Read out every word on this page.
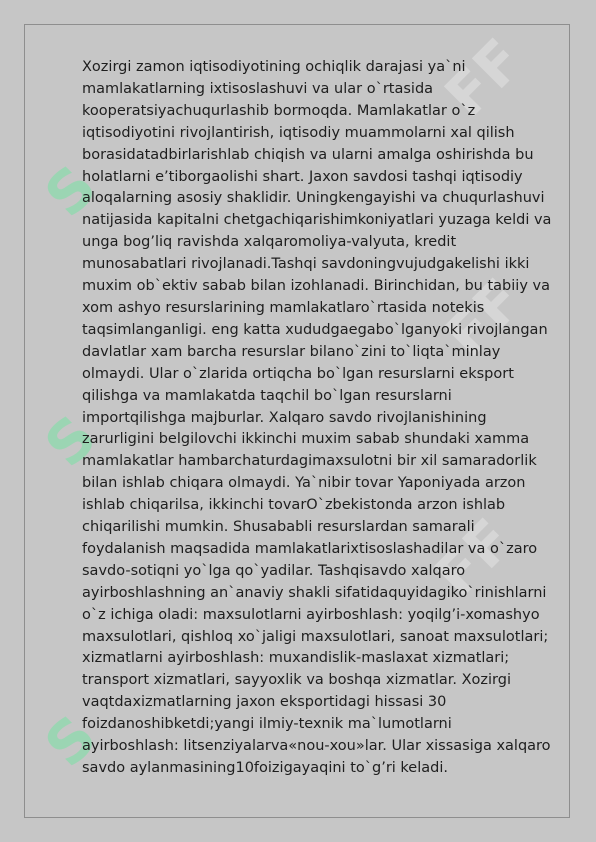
FF
FF
FF
S
S
S

Xozirgi zamon iqtisodiyotining ochiqlik darajasi ya`ni
mamlakatlarning ixtisoslashuvi va ular o`rtasida
kooperatsiyachuqurlashib bormoqda. Mamlakatlar o`z
iqtisodiyotini rivojlantirish, iqtisodiy muammolarni xal qilish
borasidatadbirlarishlab chiqish va ularni amalga oshirishda bu
holatlarni e’tiborgaolishi shart. Jaxon savdosi tashqi iqtisodiy
aloqalarning asosiy shaklidir. Uningkengayishi va chuqurlashuvi
natijasida kapitalni chetgachiqarishimkoniyatlari yuzaga keldi va
unga bog’liq ravishda xalqaromoliya-valyuta, kredit
munosabatlari rivojlanadi.Tashqi savdoningvujudgakelishi ikki
muxim ob`ektiv sabab bilan izohlanadi. Birinchidan, bu tabiiy va
xom ashyo resurslarining mamlakatlaro`rtasida notekis
taqsimlanganligi. eng katta xududgaegabo`lganyoki rivojlangan
davlatlar xam barcha resurslar bilano`zini to`liqta`minlay
olmaydi. Ular o`zlarida ortiqcha bo`lgan resurslarni eksport
qilishga va mamlakatda taqchil bo`lgan resurslarni
importqilishga majburlar. Xalqaro savdo rivojlanishining
zarurligini belgilovchi ikkinchi muxim sabab shundaki xamma
mamlakatlar hambarchaturdagimaxsulotni bir xil samaradorlik
bilan ishlab chiqara olmaydi. Ya`nibir tovar Yaponiyada arzon
ishlab chiqarilsa, ikkinchi tovarO`zbekistonda arzon ishlab
chiqarilishi mumkin. Shusababli resurslardan samarali
foydalanish maqsadida mamlakatlarixtisoslashadilar va o`zaro
savdo-sotiqni yo`lga qo`yadilar. Tashqisavdo xalqaro
ayirboshlashning an`anaviy shakli sifatidaquyidagiko`rinishlarni
o`z ichiga oladi: maxsulotlarni ayirboshlash: yoqilg’i-xomashyo
maxsulotlari, qishloq xo`jaligi maxsulotlari, sanoat maxsulotlari;
xizmatlarni ayirboshlash: muxandislik-maslaxat xizmatlari;
transport xizmatlari, sayyoxlik va boshqa xizmatlar. Xozirgi
vaqtdaxizmatlarning jaxon eksportidagi hissasi 30
foizdanoshibketdi;yangi ilmiy-texnik ma`lumotlarni
ayirboshlash: litsenziyalarva«nou-xou»lar. Ular xissasiga xalqaro
savdo aylanmasining10foizigayaqini to`g’ri keladi.
